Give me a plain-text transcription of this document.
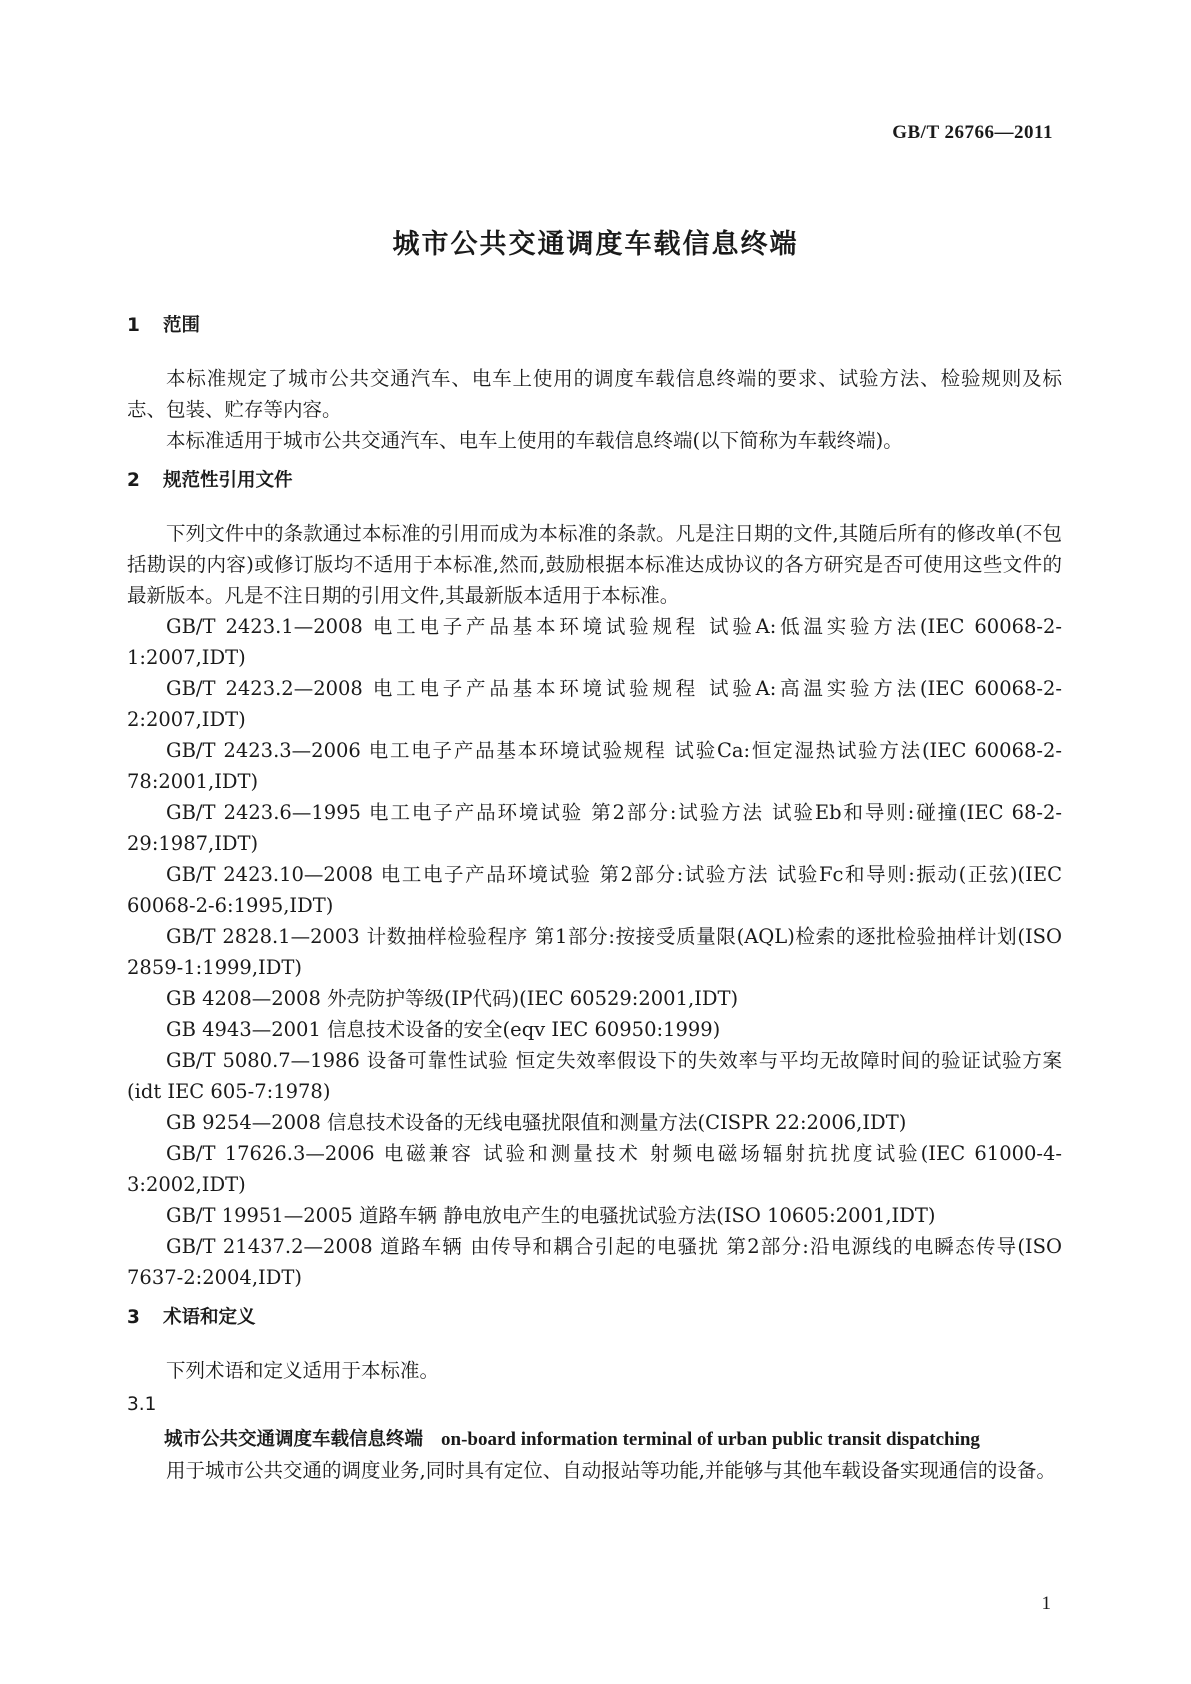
GB/T 26766—2011
城市公共交通调度车载信息终端
1	范围

本标准规定了城市公共交通汽车、电车上使用的调度车载信息终端的要求、试验方法、检验规则及标志、包装、贮存等内容。

本标准适用于城市公共交通汽车、电车上使用的车载信息终端(以下简称为车载终端)。

2	规范性引用文件

下列文件中的条款通过本标准的引用而成为本标准的条款。凡是注日期的文件,其随后所有的修改单(不包括勘误的内容)或修订版均不适用于本标准,然而,鼓励根据本标准达成协议的各方研究是否可使用这些文件的最新版本。凡是不注日期的引用文件,其最新版本适用于本标准。

GB/T 2423.1—2008 电工电子产品基本环境试验规程 试验A:低温实验方法(IEC 60068-2-1:2007,IDT)

GB/T 2423.2—2008 电工电子产品基本环境试验规程 试验A:高温实验方法(IEC 60068-2-2:2007,IDT)

GB/T 2423.3—2006 电工电子产品基本环境试验规程 试验Ca:恒定湿热试验方法(IEC 60068-2-78:2001,IDT)

GB/T 2423.6—1995 电工电子产品环境试验 第2部分:试验方法 试验Eb和导则:碰撞(IEC 68-2-29:1987,IDT)

GB/T 2423.10—2008 电工电子产品环境试验 第2部分:试验方法 试验Fc和导则:振动(正弦)(IEC 60068-2-6:1995,IDT)

GB/T 2828.1—2003 计数抽样检验程序 第1部分:按接受质量限(AQL)检索的逐批检验抽样计划(ISO 2859-1:1999,IDT)

GB 4208—2008 外壳防护等级(IP代码)(IEC 60529:2001,IDT)

GB 4943—2001 信息技术设备的安全(eqv IEC 60950:1999)

GB/T 5080.7—1986 设备可靠性试验 恒定失效率假设下的失效率与平均无故障时间的验证试验方案(idt IEC 605-7:1978)

GB 9254—2008 信息技术设备的无线电骚扰限值和测量方法(CISPR 22:2006,IDT)

GB/T 17626.3—2006 电磁兼容 试验和测量技术 射频电磁场辐射抗扰度试验(IEC 61000-4-3:2002,IDT)

GB/T 19951—2005 道路车辆 静电放电产生的电骚扰试验方法(ISO 10605:2001,IDT)

GB/T 21437.2—2008 道路车辆 由传导和耦合引起的电骚扰 第2部分:沿电源线的电瞬态传导(ISO 7637-2:2004,IDT)

3	术语和定义

下列术语和定义适用于本标准。

3.1
城市公共交通调度车载信息终端 on-board information terminal of urban public transit dispatching

用于城市公共交通的调度业务,同时具有定位、自动报站等功能,并能够与其他车载设备实现通信的设备。

1
